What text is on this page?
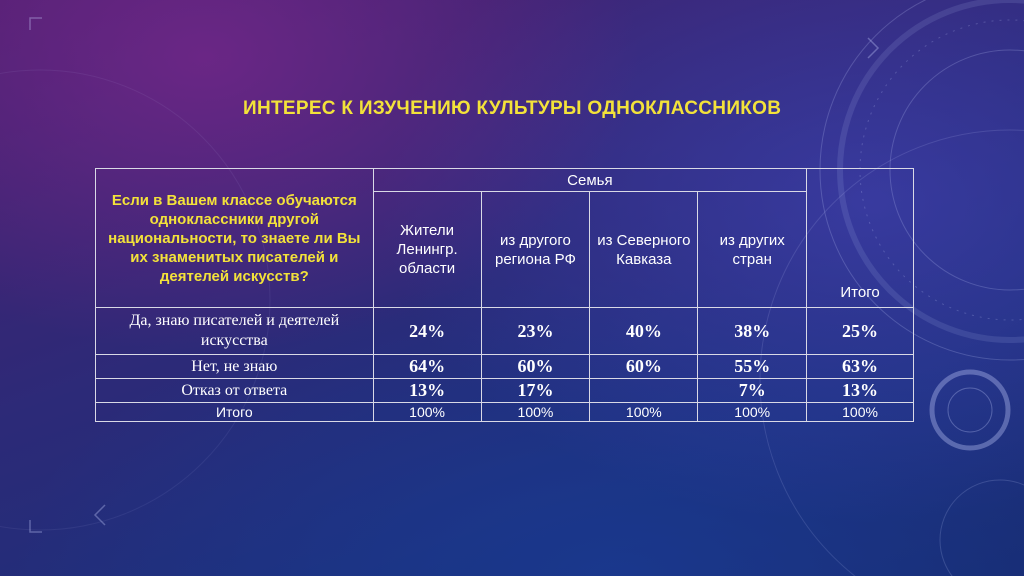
ИНТЕРЕС К ИЗУЧЕНИЮ КУЛЬТУРЫ ОДНОКЛАССНИКОВ
Если в Вашем классе обучаются одноклассники другой национальности, то знаете ли Вы их знаменитых писателей и деятелей искусств?	Семья				Итого

	Жители Ленингр. области	из другого региона РФ	из Северного Кавказа	из других стран	
Да, знаю писателей и деятелей искусства	24%	23%	40%	38%	25%
Нет, не знаю	64%	60%	60%	55%	63%
Отказ от ответа	13%	17%		7%	13%
Итого	100%	100%	100%	100%	100%
